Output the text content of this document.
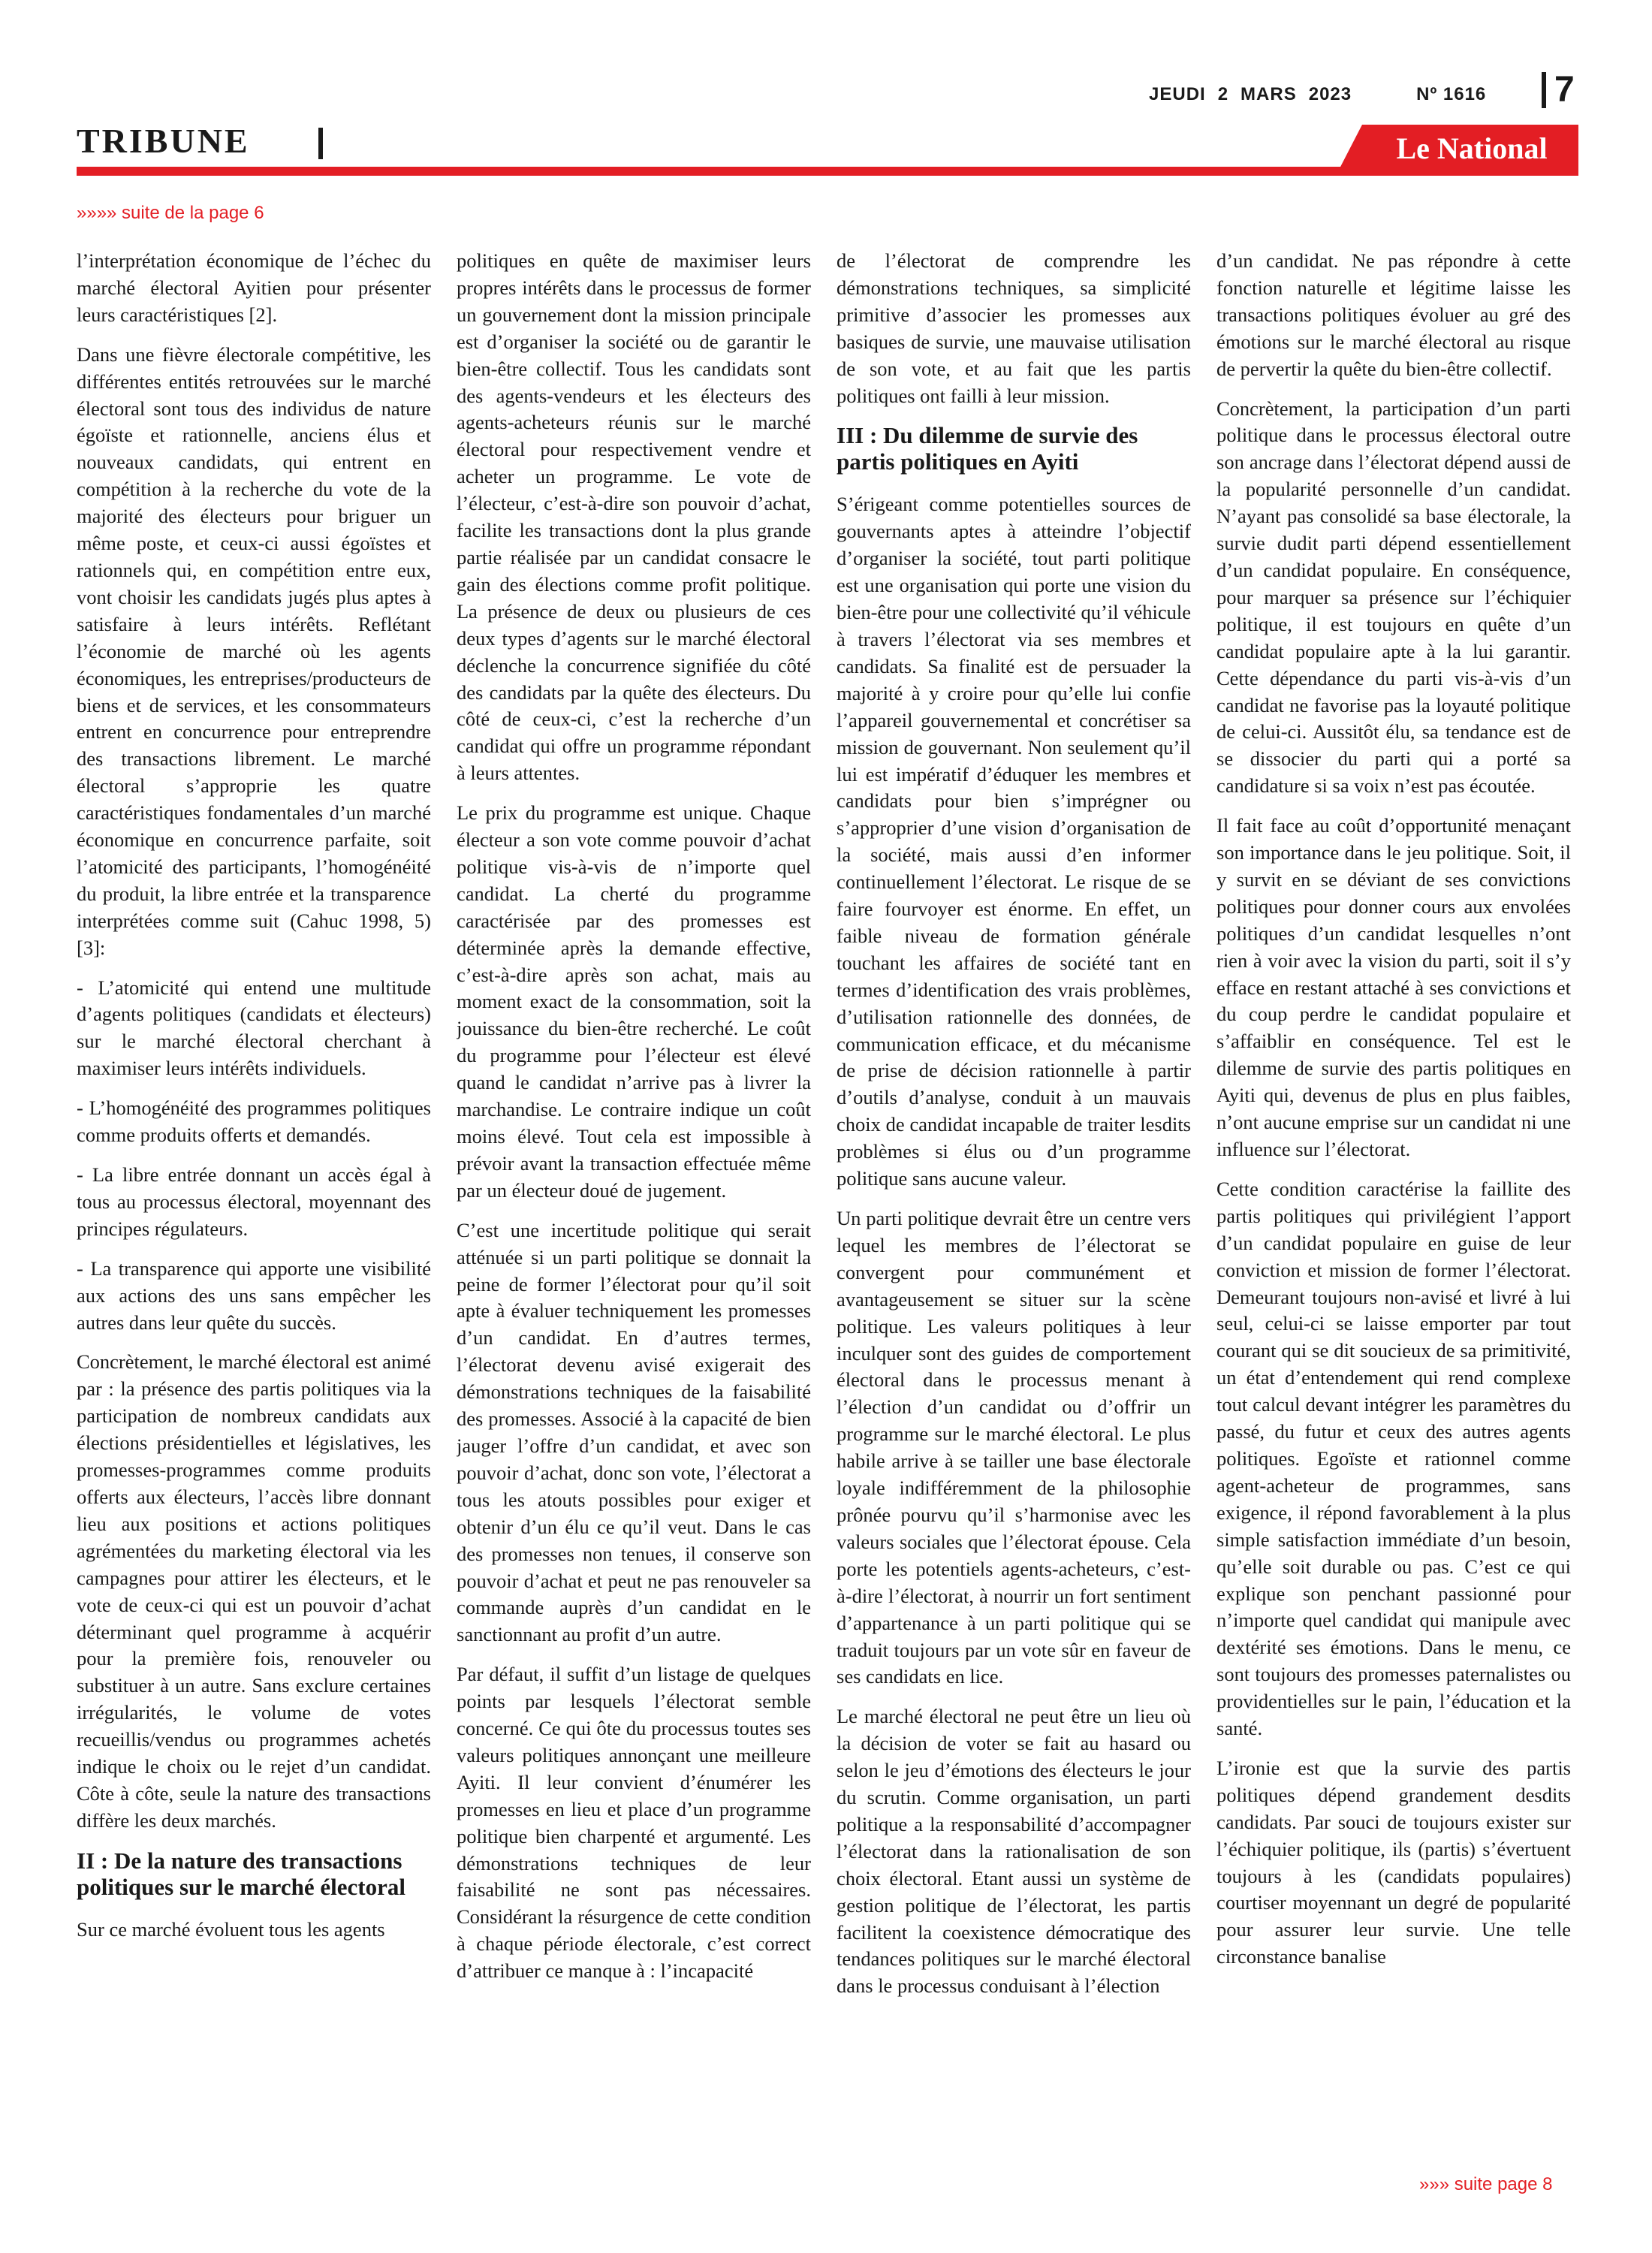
JEUDI 2 MARS 2023	Nº 1616 7
TRIBUNE	Le National
»»»» suite de la page 6

l’interprétation économique de l’échec du marché électoral Ayitien pour présenter leurs caractéristiques [2].

Dans une fièvre électorale compétitive, les différentes entités retrouvées sur le marché électoral sont tous des individus de nature égoïste et rationnelle, anciens élus et nouveaux candidats, qui entrent en compétition à la recherche du vote de la majorité des électeurs pour briguer un même poste, et ceux-ci aussi égoïstes et rationnels qui, en compétition entre eux, vont choisir les candidats jugés plus aptes à satisfaire à leurs intérêts. Reflétant l’économie de marché où les agents économiques, les entreprises/producteurs de biens et de services, et les consommateurs entrent en concurrence pour entreprendre des transactions librement. Le marché électoral s’approprie les quatre caractéristiques fondamentales d’un marché économique en concurrence parfaite, soit l’atomicité des participants, l’homogénéité du produit, la libre entrée et la transparence interprétées comme suit (Cahuc 1998, 5) [3]:

- L’atomicité qui entend une multitude d’agents politiques (candidats et électeurs) sur le marché électoral cherchant à maximiser leurs intérêts individuels.

- L’homogénéité des programmes politiques comme produits offerts et demandés.

- La libre entrée donnant un accès égal à tous au processus électoral, moyennant des principes régulateurs.

- La transparence qui apporte une visibilité aux actions des uns sans empêcher les autres dans leur quête du succès.

Concrètement, le marché électoral est animé par : la présence des partis politiques via la participation de nombreux candidats aux élections présidentielles et législatives, les promesses-programmes comme produits offerts aux électeurs, l’accès libre donnant lieu aux positions et actions politiques agrémentées du marketing électoral via les campagnes pour attirer les électeurs, et le vote de ceux-ci qui est un pouvoir d’achat déterminant quel programme à acquérir pour la première fois, renouveler ou substituer à un autre. Sans exclure certaines irrégularités, le volume de votes recueillis/vendus ou programmes achetés indique le choix ou le rejet d’un candidat. Côte à côte, seule la nature des transactions diffère les deux marchés.

II : De la nature des transactions politiques sur le marché électoral

Sur ce marché évoluent tous les agents

politiques en quête de maximiser leurs propres intérêts dans le processus de former un gouvernement dont la mission principale est d’organiser la société ou de garantir le bien-être collectif. Tous les candidats sont des agents-vendeurs et les électeurs des agents-acheteurs réunis sur le marché électoral pour respectivement vendre et acheter un programme. Le vote de l’électeur, c’est-à-dire son pouvoir d’achat, facilite les transactions dont la plus grande partie réalisée par un candidat consacre le gain des élections comme profit politique. La présence de deux ou plusieurs de ces deux types d’agents sur le marché électoral déclenche la concurrence signifiée du côté des candidats par la quête des électeurs. Du côté de ceux-ci, c’est la recherche d’un candidat qui offre un programme répondant à leurs attentes.

Le prix du programme est unique. Chaque électeur a son vote comme pouvoir d’achat politique vis-à-vis de n’importe quel candidat. La cherté du programme caractérisée par des promesses est déterminée après la demande effective, c’est-à-dire après son achat, mais au moment exact de la consommation, soit la jouissance du bien-être recherché. Le coût du programme pour l’électeur est élevé quand le candidat n’arrive pas à livrer la marchandise. Le contraire indique un coût moins élevé. Tout cela est impossible à prévoir avant la transaction effectuée même par un électeur doué de jugement.

C’est une incertitude politique qui serait atténuée si un parti politique se donnait la peine de former l’électorat pour qu’il soit apte à évaluer techniquement les promesses d’un candidat. En d’autres termes, l’électorat devenu avisé exigerait des démonstrations techniques de la faisabilité des promesses. Associé à la capacité de bien jauger l’offre d’un candidat, et avec son pouvoir d’achat, donc son vote, l’électorat a tous les atouts possibles pour exiger et obtenir d’un élu ce qu’il veut. Dans le cas des promesses non tenues, il conserve son pouvoir d’achat et peut ne pas renouveler sa commande auprès d’un candidat en le sanctionnant au profit d’un autre.

Par défaut, il suffit d’un listage de quelques points par lesquels l’électorat semble concerné. Ce qui ôte du processus toutes ses valeurs politiques annonçant une meilleure Ayiti. Il leur convient d’énumérer les promesses en lieu et place d’un programme politique bien charpenté et argumenté. Les démonstrations techniques de leur faisabilité ne sont pas nécessaires. Considérant la résurgence de cette condition à chaque période électorale, c’est correct d’attribuer ce manque à : l’incapacité

de l’électorat de comprendre les démonstrations techniques, sa simplicité primitive d’associer les promesses aux basiques de survie, une mauvaise utilisation de son vote, et au fait que les partis politiques ont failli à leur mission.

III : Du dilemme de survie des partis politiques en Ayiti

S’érigeant comme potentielles sources de gouvernants aptes à atteindre l’objectif d’organiser la société, tout parti politique est une organisation qui porte une vision du bien-être pour une collectivité qu’il véhicule à travers l’électorat via ses membres et candidats. Sa finalité est de persuader la majorité à y croire pour qu’elle lui confie l’appareil gouvernemental et concrétiser sa mission de gouvernant. Non seulement qu’il lui est impératif d’éduquer les membres et candidats pour bien s’imprégner ou s’approprier d’une vision d’organisation de la société, mais aussi d’en informer continuellement l’électorat. Le risque de se faire fourvoyer est énorme. En effet, un faible niveau de formation générale touchant les affaires de société tant en termes d’identification des vrais problèmes, d’utilisation rationnelle des données, de communication efficace, et du mécanisme de prise de décision rationnelle à partir d’outils d’analyse, conduit à un mauvais choix de candidat incapable de traiter lesdits problèmes si élus ou d’un programme politique sans aucune valeur.

Un parti politique devrait être un centre vers lequel les membres de l’électorat se convergent pour communément et avantageusement se situer sur la scène politique. Les valeurs politiques à leur inculquer sont des guides de comportement électoral dans le processus menant à l’élection d’un candidat ou d’offrir un programme sur le marché électoral. Le plus habile arrive à se tailler une base électorale loyale indifféremment de la philosophie prônée pourvu qu’il s’harmonise avec les valeurs sociales que l’électorat épouse. Cela porte les potentiels agents-acheteurs, c’est-à-dire l’électorat, à nourrir un fort sentiment d’appartenance à un parti politique qui se traduit toujours par un vote sûr en faveur de ses candidats en lice.

Le marché électoral ne peut être un lieu où la décision de voter se fait au hasard ou selon le jeu d’émotions des électeurs le jour du scrutin. Comme organisation, un parti politique a la responsabilité d’accompagner l’électorat dans la rationalisation de son choix électoral. Etant aussi un système de gestion politique de l’électorat, les partis facilitent la coexistence démocratique des tendances politiques sur le marché électoral dans le processus conduisant à l’élection

d’un candidat. Ne pas répondre à cette fonction naturelle et légitime laisse les transactions politiques évoluer au gré des émotions sur le marché électoral au risque de pervertir la quête du bien-être collectif.

Concrètement, la participation d’un parti politique dans le processus électoral outre son ancrage dans l’électorat dépend aussi de la popularité personnelle d’un candidat. N’ayant pas consolidé sa base électorale, la survie dudit parti dépend essentiellement d’un candidat populaire. En conséquence, pour marquer sa présence sur l’échiquier politique, il est toujours en quête d’un candidat populaire apte à la lui garantir. Cette dépendance du parti vis-à-vis d’un candidat ne favorise pas la loyauté politique de celui-ci. Aussitôt élu, sa tendance est de se dissocier du parti qui a porté sa candidature si sa voix n’est pas écoutée.

Il fait face au coût d’opportunité menaçant son importance dans le jeu politique. Soit, il y survit en se déviant de ses convictions politiques pour donner cours aux envolées politiques d’un candidat lesquelles n’ont rien à voir avec la vision du parti, soit il s’y efface en restant attaché à ses convictions et du coup perdre le candidat populaire et s’affaiblir en conséquence. Tel est le dilemme de survie des partis politiques en Ayiti qui, devenus de plus en plus faibles, n’ont aucune emprise sur un candidat ni une influence sur l’électorat.

Cette condition caractérise la faillite des partis politiques qui privilégient l’apport d’un candidat populaire en guise de leur conviction et mission de former l’électorat. Demeurant toujours non-avisé et livré à lui seul, celui-ci se laisse emporter par tout courant qui se dit soucieux de sa primitivité, un état d’entendement qui rend complexe tout calcul devant intégrer les paramètres du passé, du futur et ceux des autres agents politiques. Egoïste et rationnel comme agent-acheteur de programmes, sans exigence, il répond favorablement à la plus simple satisfaction immédiate d’un besoin, qu’elle soit durable ou pas. C’est ce qui explique son penchant passionné pour n’importe quel candidat qui manipule avec dextérité ses émotions. Dans le menu, ce sont toujours des promesses paternalistes ou providentielles sur le pain, l’éducation et la santé.

L’ironie est que la survie des partis politiques dépend grandement desdits candidats. Par souci de toujours exister sur l’échiquier politique, ils (partis) s’évertuent toujours à les (candidats populaires) courtiser moyennant un degré de popularité pour assurer leur survie. Une telle circonstance banalise

»»» suite page 8
